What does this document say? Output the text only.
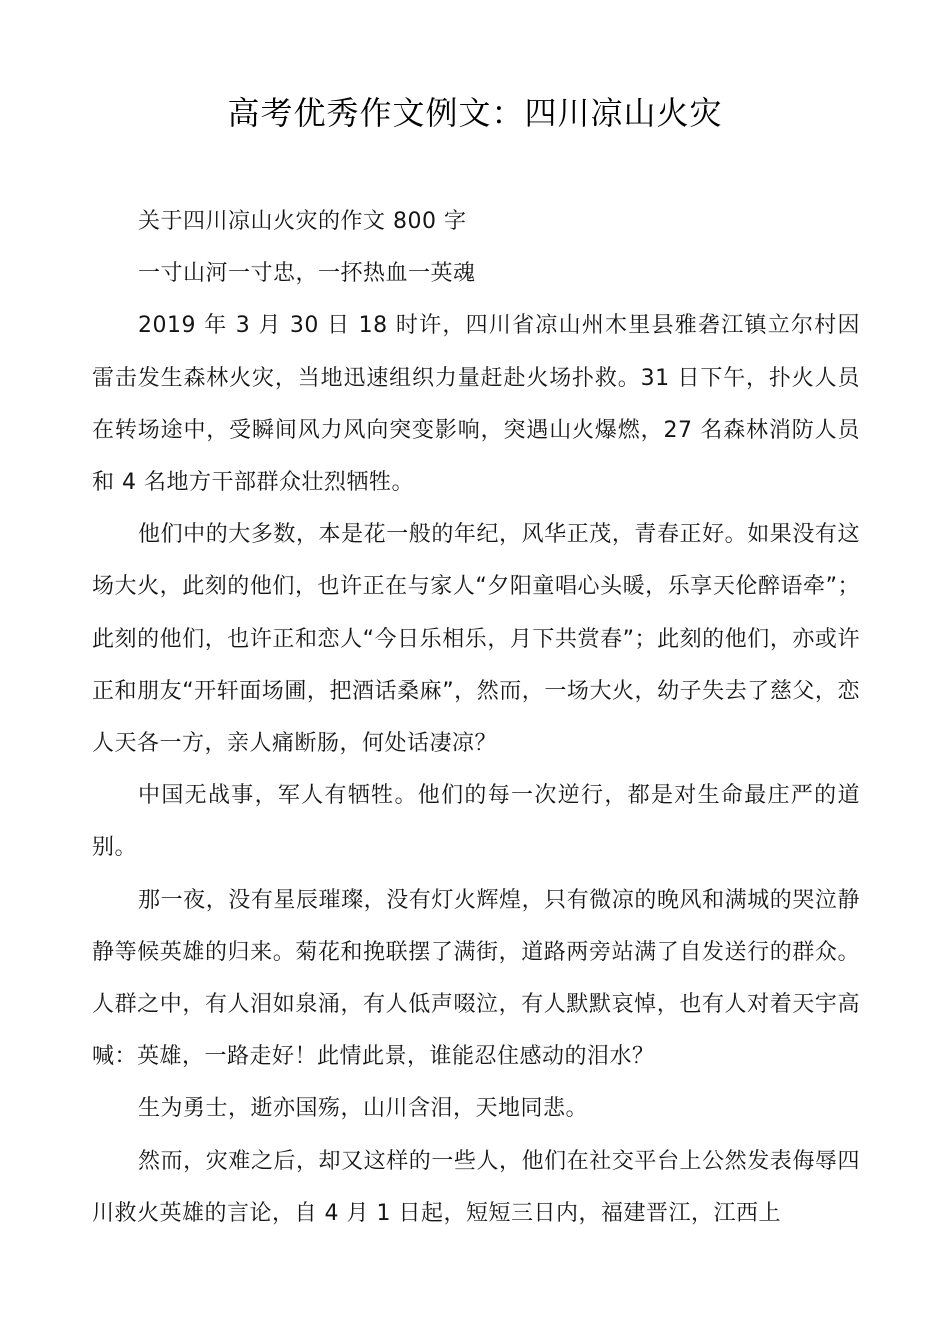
高考优秀作文例文：四川凉山火灾

关于四川凉山火灾的作文 800 字

一寸山河一寸忠，一抔热血一英魂

2019 年 3 月 30 日 18 时许，四川省凉山州木里县雅砻江镇立尔村因雷击发生森林火灾，当地迅速组织力量赶赴火场扑救。31 日下午，扑火人员在转场途中，受瞬间风力风向突变影响，突遇山火爆燃，27 名森林消防人员和 4 名地方干部群众壮烈牺牲。

他们中的大多数，本是花一般的年纪，风华正茂，青春正好。如果没有这场大火，此刻的他们，也许正在与家人“夕阳童唱心头暖，乐享天伦醉语牵”；此刻的他们，也许正和恋人“今日乐相乐，月下共赏春”；此刻的他们，亦或许正和朋友“开轩面场圃，把酒话桑麻”，然而，一场大火，幼子失去了慈父，恋人天各一方，亲人痛断肠，何处话凄凉？

中国无战事，军人有牺牲。他们的每一次逆行，都是对生命最庄严的道别。

那一夜，没有星辰璀璨，没有灯火辉煌，只有微凉的晚风和满城的哭泣静静等候英雄的归来。菊花和挽联摆了满街，道路两旁站满了自发送行的群众。人群之中，有人泪如泉涌，有人低声啜泣，有人默默哀悼，也有人对着天宇高喊：英雄，一路走好！此情此景，谁能忍住感动的泪水？

生为勇士，逝亦国殇，山川含泪，天地同悲。

然而，灾难之后，却又这样的一些人，他们在社交平台上公然发表侮辱四川救火英雄的言论，自 4 月 1 日起，短短三日内，福建晋江，江西上
